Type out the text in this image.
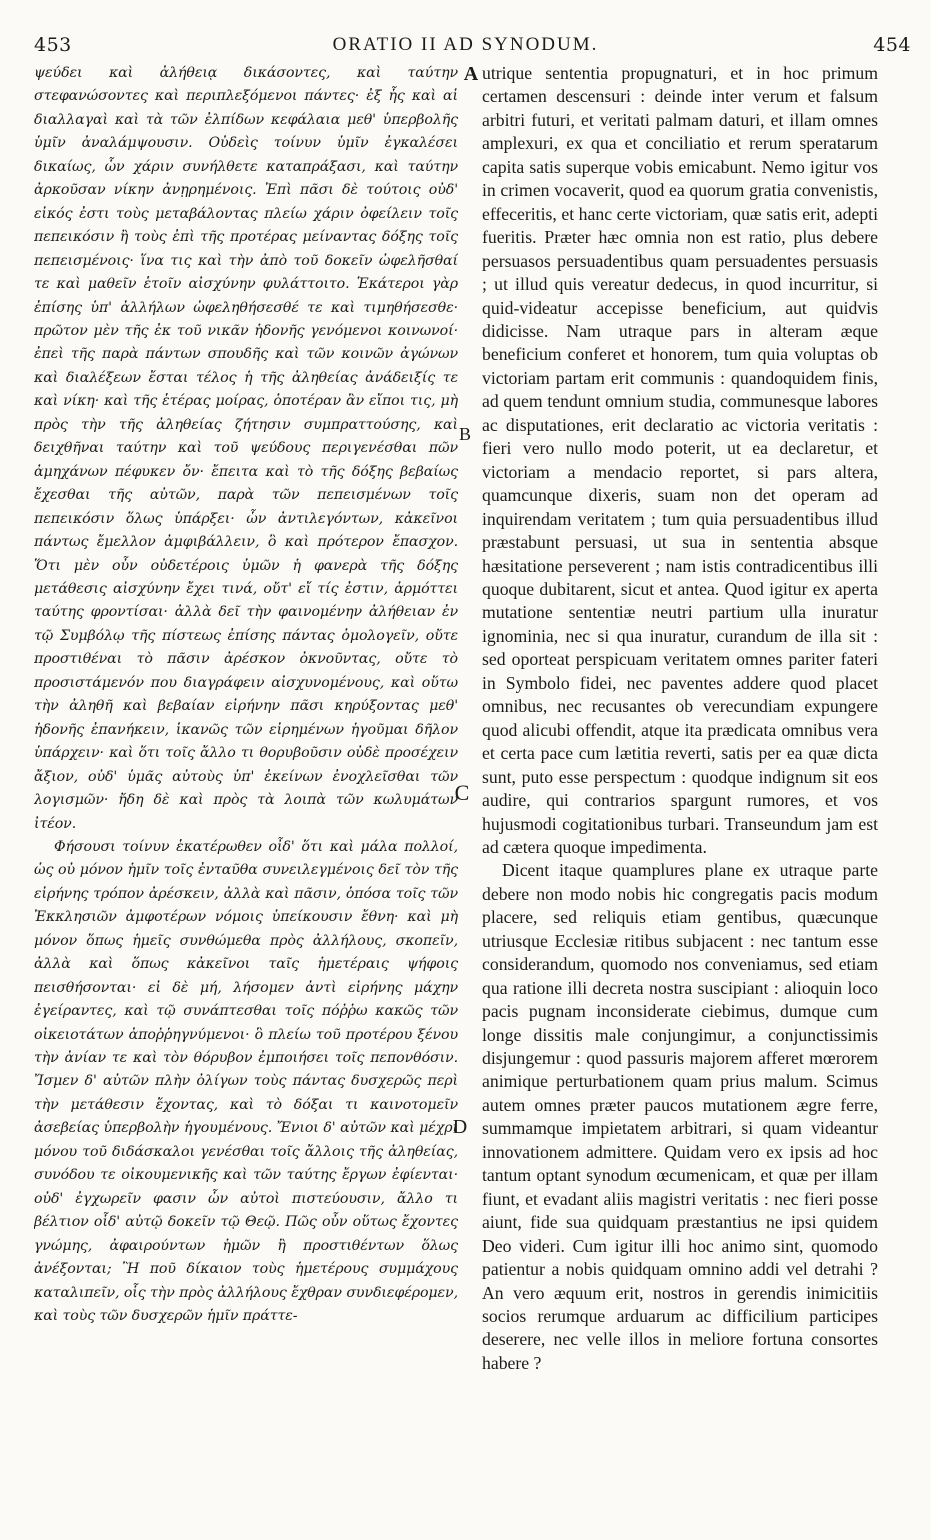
453	ORATIO II AD SYNODUM.	454

ψεύδει καὶ ἀλήθειᾳ δικάσοντες, καὶ ταύτην στεφανώσοντες καὶ περιπλεξόμενοι πάντες· ἐξ ἧς καὶ αἱ διαλλαγαὶ καὶ τὰ τῶν ἐλπίδων κεφάλαια μεθ' ὑπερβολῆς ὑμῖν ἀναλάμψουσιν. Οὐδεὶς τοίνυν ὑμῖν ἐγκαλέσει δικαίως, ὧν χάριν συνήλθετε καταπράξασι, καὶ ταύτην ἀρκοῦσαν νίκην ἀνῃρημένοις. Ἐπὶ πᾶσι δὲ τούτοις οὐδ' εἰκός ἐστι τοὺς μεταβάλοντας πλείω χάριν ὀφείλειν τοῖς πεπεικόσιν ἢ τοὺς ἐπὶ τῆς προτέρας μείναντας δόξης τοῖς πεπεισμένοις· ἵνα τις καὶ τὴν ἀπὸ τοῦ δοκεῖν ὠφελῆσθαί τε καὶ μαθεῖν ἑτοῖν αἰσχύνην φυλάττοιτο. Ἑκάτεροι γὰρ ἐπίσης ὑπ' ἀλλήλων ὠφεληθήσεσθέ τε καὶ τιμηθήσεσθε· πρῶτον μὲν τῆς ἐκ τοῦ νικᾶν ἡδονῆς γενόμενοι κοινωνοί· ἐπεὶ τῆς παρὰ πάντων σπουδῆς καὶ τῶν κοινῶν ἀγώνων καὶ διαλέξεων ἔσται τέλος ἡ τῆς ἀληθείας ἀνάδειξίς τε καὶ νίκη· καὶ τῆς ἑτέρας μοίρας, ὁποτέραν ἂν εἴποι τις, μὴ πρὸς τὴν τῆς ἀληθείας ζήτησιν συμπραττούσης, καὶ δειχθῆναι ταύτην καὶ τοῦ ψεύδους περιγενέσθαι πῶν ἀμηχάνων πέφυκεν ὄν· ἔπειτα καὶ τὸ τῆς δόξης βεβαίως ἔχεσθαι τῆς αὐτῶν, παρὰ τῶν πεπεισμένων τοῖς πεπεικόσιν ὅλως ὑπάρξει· ὧν ἀντιλεγόντων, κἀκεῖνοι πάντως ἔμελλον ἀμφιβάλλειν, ὃ καὶ πρότερον ἔπασχον. Ὅτι μὲν οὖν οὐδετέροις ὑμῶν ἡ φανερὰ τῆς δόξης μετάθεσις αἰσχύνην ἔχει τινά, οὔτ' εἴ τίς ἐστιν, ἁρμόττει ταύτης φροντίσαι· ἀλλὰ δεῖ τὴν φαινομένην ἀλήθειαν ἐν τῷ Συμβόλῳ τῆς πίστεως ἐπίσης πάντας ὁμολογεῖν, οὔτε προστιθέναι τὸ πᾶσιν ἀρέσκον ὀκνοῦντας, οὔτε τὸ προσιστάμενόν που διαγράφειν αἰσχυνομένους, καὶ οὕτω τὴν ἀληθῆ καὶ βεβαίαν εἰρήνην πᾶσι κηρύξοντας μεθ' ἡδονῆς ἐπανήκειν, ἱκανῶς τῶν εἰρημένων ἡγοῦμαι δῆλον ὑπάρχειν· καὶ ὅτι τοῖς ἄλλο τι θορυβοῦσιν οὐδὲ προσέχειν ἄξιον, οὐδ' ὑμᾶς αὐτοὺς ὑπ' ἐκείνων ἐνοχλεῖσθαι τῶν λογισμῶν· ἤδη δὲ καὶ πρὸς τὰ λοιπὰ τῶν κωλυμάτων ἰτέον.

Φήσουσι τοίνυν ἑκατέρωθεν οἶδ' ὅτι καὶ μάλα πολλοί, ὡς οὐ μόνον ἡμῖν τοῖς ἐνταῦθα συνειλεγμένοις δεῖ τὸν τῆς εἰρήνης τρόπον ἀρέσκειν, ἀλλὰ καὶ πᾶσιν, ὁπόσα τοῖς τῶν Ἐκκλησιῶν ἀμφοτέρων νόμοις ὑπείκουσιν ἔθνη· καὶ μὴ μόνον ὅπως ἡμεῖς συνθώμεθα πρὸς ἀλλήλους, σκοπεῖν, ἀλλὰ καὶ ὅπως κἀκεῖνοι ταῖς ἡμετέραις ψήφοις πεισθήσονται· εἰ δὲ μή, λήσομεν ἀντὶ εἰρήνης μάχην ἐγείραντες, καὶ τῷ συνάπτεσθαι τοῖς πόῤῥω κακῶς τῶν οἰκειοτάτων ἀποῤῥηγνύμενοι· ὃ πλείω τοῦ προτέρου ξένου τὴν ἀνίαν τε καὶ τὸν θόρυβον ἐμποιήσει τοῖς πεπονθόσιν. Ἴσμεν δ' αὐτῶν πλὴν ὀλίγων τοὺς πάντας δυσχερῶς περὶ τὴν μετάθεσιν ἔχοντας, καὶ τὸ δόξαι τι καινοτομεῖν ἀσεβείας ὑπερβολὴν ἡγουμένους. Ἔνιοι δ' αὐτῶν καὶ μέχρι μόνου τοῦ διδάσκαλοι γενέσθαι τοῖς ἄλλοις τῆς ἀληθείας, συνόδου τε οἰκουμενικῆς καὶ τῶν ταύτης ἔργων ἐφίενται· οὐδ' ἐγχωρεῖν φασιν ὧν αὐτοὶ πιστεύουσιν, ἄλλο τι βέλτιον οἷδ' αὐτῷ δοκεῖν τῷ Θεῷ. Πῶς οὖν οὕτως ἔχοντες γνώμης, ἀφαιρούντων ἡμῶν ἢ προστιθέντων ὅλως ἀνέξονται; Ἢ ποῦ δίκαιον τοὺς ἡμετέρους συμμάχους καταλιπεῖν, οἷς τὴν πρὸς ἀλλήλους ἔχθραν συνδιεφέρομεν, καὶ τοὺς τῶν δυσχερῶν ἡμῖν πράττε-

A
B
C
D

utrique sententia propugnaturi, et in hoc primum certamen descensuri : deinde inter verum et falsum arbitri futuri, et veritati palmam daturi, et illam omnes amplexuri, ex qua et conciliatio et rerum speratarum capita satis superque vobis emicabunt. Nemo igitur vos in crimen vocaverit, quod ea quorum gratia convenistis, effeceritis, et hanc certe victoriam, quæ satis erit, adepti fueritis. Præter hæc omnia non est ratio, plus debere persuasos persuadentibus quam persuadentes persuasis ; ut illud quis vereatur dedecus, in quod incurritur, si quid-videatur accepisse beneficium, aut quidvis didicisse. Nam utraque pars in alteram æque beneficium conferet et honorem, tum quia voluptas ob victoriam partam erit communis : quandoquidem finis, ad quem tendunt omnium studia, communesque labores ac disputationes, erit declaratio ac victoria veritatis : fieri vero nullo modo poterit, ut ea declaretur, et victoriam a mendacio reportet, si pars altera, quamcunque dixeris, suam non det operam ad inquirendam veritatem ; tum quia persuadentibus illud præstabunt persuasi, ut sua in sententia absque hæsitatione perseverent ; nam istis contradicentibus illi quoque dubitarent, sicut et antea. Quod igitur ex aperta mutatione sententiæ neutri partium ulla inuratur ignominia, nec si qua inuratur, curandum de illa sit : sed oporteat perspicuam veritatem omnes pariter fateri in Symbolo fidei, nec paventes addere quod placet omnibus, nec recusantes ob verecundiam expungere quod alicubi offendit, atque ita prædicata omnibus vera et certa pace cum lætitia reverti, satis per ea quæ dicta sunt, puto esse perspectum : quodque indignum sit eos audire, qui contrarios spargunt rumores, et vos hujusmodi cogitationibus turbari. Transeundum jam est ad cætera quoque impedimenta.

Dicent itaque quamplures plane ex utraque parte debere non modo nobis hic congregatis pacis modum placere, sed reliquis etiam gentibus, quæcunque utriusque Ecclesiæ ritibus subjacent : nec tantum esse considerandum, quomodo nos conveniamus, sed etiam qua ratione illi decreta nostra suscipiant : alioquin loco pacis pugnam inconsiderate ciebimus, dumque cum longe dissitis male conjungimur, a conjunctissimis disjungemur : quod passuris majorem afferet mœrorem animique perturbationem quam prius malum. Scimus autem omnes præter paucos mutationem ægre ferre, summamque impietatem arbitrari, si quam videantur innovationem admittere. Quidam vero ex ipsis ad hoc tantum optant synodum œcumenicam, et quæ per illam fiunt, et evadant aliis magistri veritatis : nec fieri posse aiunt, fide sua quidquam præstantius ne ipsi quidem Deo videri. Cum igitur illi hoc animo sint, quomodo patientur a nobis quidquam omnino addi vel detrahi ? An vero æquum erit, nostros in gerendis inimicitiis socios rerumque arduarum ac difficilium participes deserere, nec velle illos in meliore fortuna consortes habere ?
